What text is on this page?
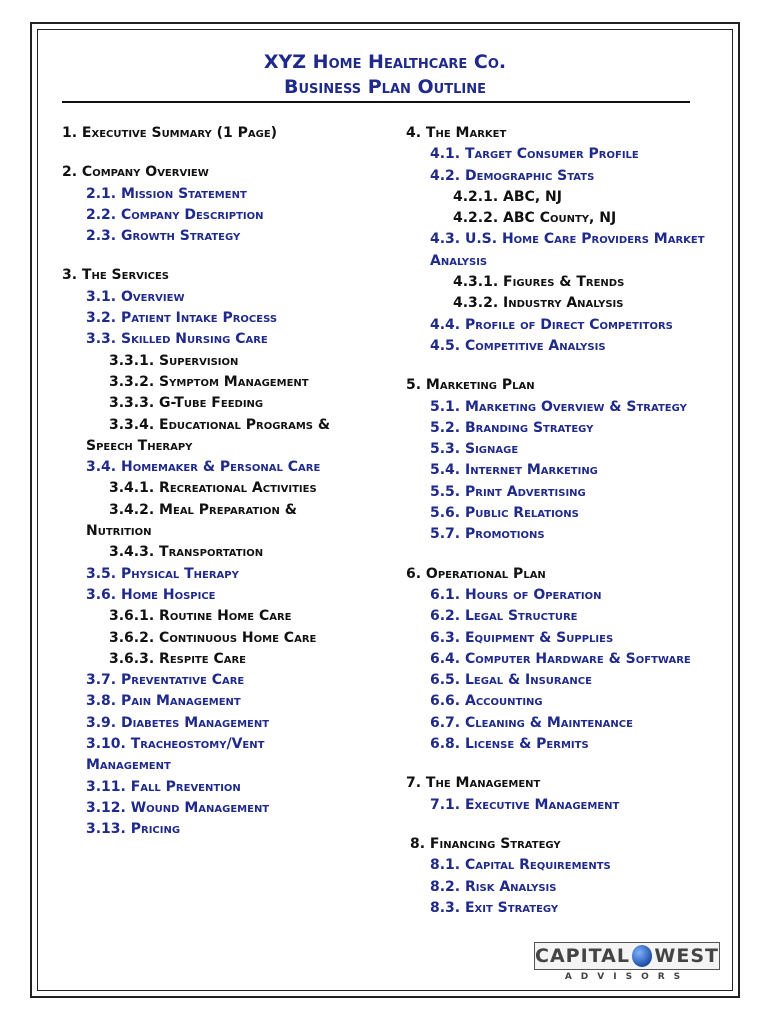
XYZ Home Healthcare Co.
Business Plan Outline
1. Executive Summary (1 Page)
2. Company Overview
2.1. Mission Statement
2.2. Company Description
2.3. Growth Strategy
3. The Services
3.1. Overview
3.2. Patient Intake Process
3.3. Skilled Nursing Care
3.3.1. Supervision
3.3.2. Symptom Management
3.3.3. G-Tube Feeding
3.3.4. Educational Programs &
Speech Therapy
3.4. Homemaker & Personal Care
3.4.1. Recreational Activities
3.4.2. Meal Preparation &
Nutrition
3.4.3. Transportation
3.5. Physical Therapy
3.6. Home Hospice
3.6.1. Routine Home Care
3.6.2. Continuous Home Care
3.6.3. Respite Care
3.7. Preventative Care
3.8. Pain Management
3.9. Diabetes Management
3.10. Tracheostomy/Vent
Management
3.11. Fall Prevention
3.12. Wound Management
3.13. Pricing
4. The Market
4.1. Target Consumer Profile
4.2. Demographic Stats
4.2.1. ABC, NJ
4.2.2. ABC County, NJ
4.3. U.S. Home Care Providers Market
Analysis
4.3.1. Figures & Trends
4.3.2. Industry Analysis
4.4. Profile of Direct Competitors
4.5. Competitive Analysis
5. Marketing Plan
5.1. Marketing Overview & Strategy
5.2. Branding Strategy
5.3. Signage
5.4. Internet Marketing
5.5. Print Advertising
5.6. Public Relations
5.7. Promotions
6. Operational Plan
6.1. Hours of Operation
6.2. Legal Structure
6.3. Equipment & Supplies
6.4. Computer Hardware & Software
6.5. Legal & Insurance
6.6. Accounting
6.7. Cleaning & Maintenance
6.8. License & Permits
7. The Management
7.1. Executive Management
8. Financing Strategy
8.1. Capital Requirements
8.2. Risk Analysis
8.3. Exit Strategy
CAPITAL WEST
ADVISORS
